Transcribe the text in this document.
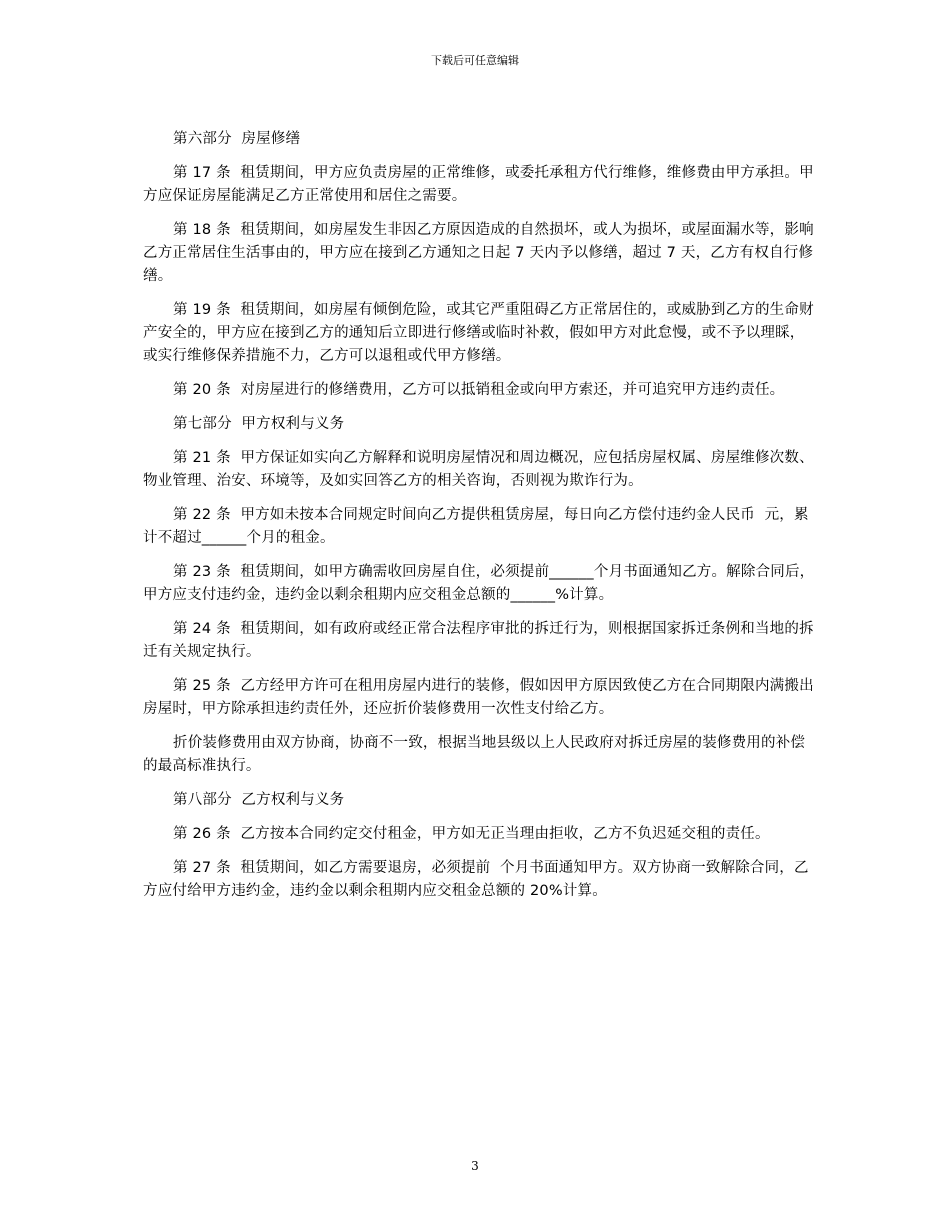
下载后可任意编辑

第六部分  房屋修缮

第 17 条  租赁期间，甲方应负责房屋的正常维修，或委托承租方代行维修，维修费由甲方承担。甲方应保证房屋能满足乙方正常使用和居住之需要。

第 18 条  租赁期间，如房屋发生非因乙方原因造成的自然损坏，或人为损坏，或屋面漏水等，影响乙方正常居住生活事由的，甲方应在接到乙方通知之日起 7 天内予以修缮，超过 7 天，乙方有权自行修缮。

第 19 条  租赁期间，如房屋有倾倒危险，或其它严重阻碍乙方正常居住的，或威胁到乙方的生命财产安全的，甲方应在接到乙方的通知后立即进行修缮或临时补救，假如甲方对此怠慢，或不予以理睬，或实行维修保养措施不力，乙方可以退租或代甲方修缮。

第 20 条  对房屋进行的修缮费用，乙方可以抵销租金或向甲方索还，并可追究甲方违约责任。

第七部分  甲方权利与义务

第 21 条  甲方保证如实向乙方解释和说明房屋情况和周边概况，应包括房屋权属、房屋维修次数、物业管理、治安、环境等，及如实回答乙方的相关咨询，否则视为欺诈行为。

第 22 条  甲方如未按本合同规定时间向乙方提供租赁房屋，每日向乙方偿付违约金人民币  元，累计不超过______个月的租金。

第 23 条  租赁期间，如甲方确需收回房屋自住，必须提前______个月书面通知乙方。解除合同后，甲方应支付违约金，违约金以剩余租期内应交租金总额的______%计算。

第 24 条  租赁期间，如有政府或经正常合法程序审批的拆迁行为，则根据国家拆迁条例和当地的拆迁有关规定执行。

第 25 条  乙方经甲方许可在租用房屋内进行的装修，假如因甲方原因致使乙方在合同期限内满搬出房屋时，甲方除承担违约责任外，还应折价装修费用一次性支付给乙方。

折价装修费用由双方协商，协商不一致，根据当地县级以上人民政府对拆迁房屋的装修费用的补偿的最高标准执行。

第八部分  乙方权利与义务

第 26 条  乙方按本合同约定交付租金，甲方如无正当理由拒收，乙方不负迟延交租的责任。

第 27 条  租赁期间，如乙方需要退房，必须提前  个月书面通知甲方。双方协商一致解除合同，乙方应付给甲方违约金，违约金以剩余租期内应交租金总额的 20%计算。

3
